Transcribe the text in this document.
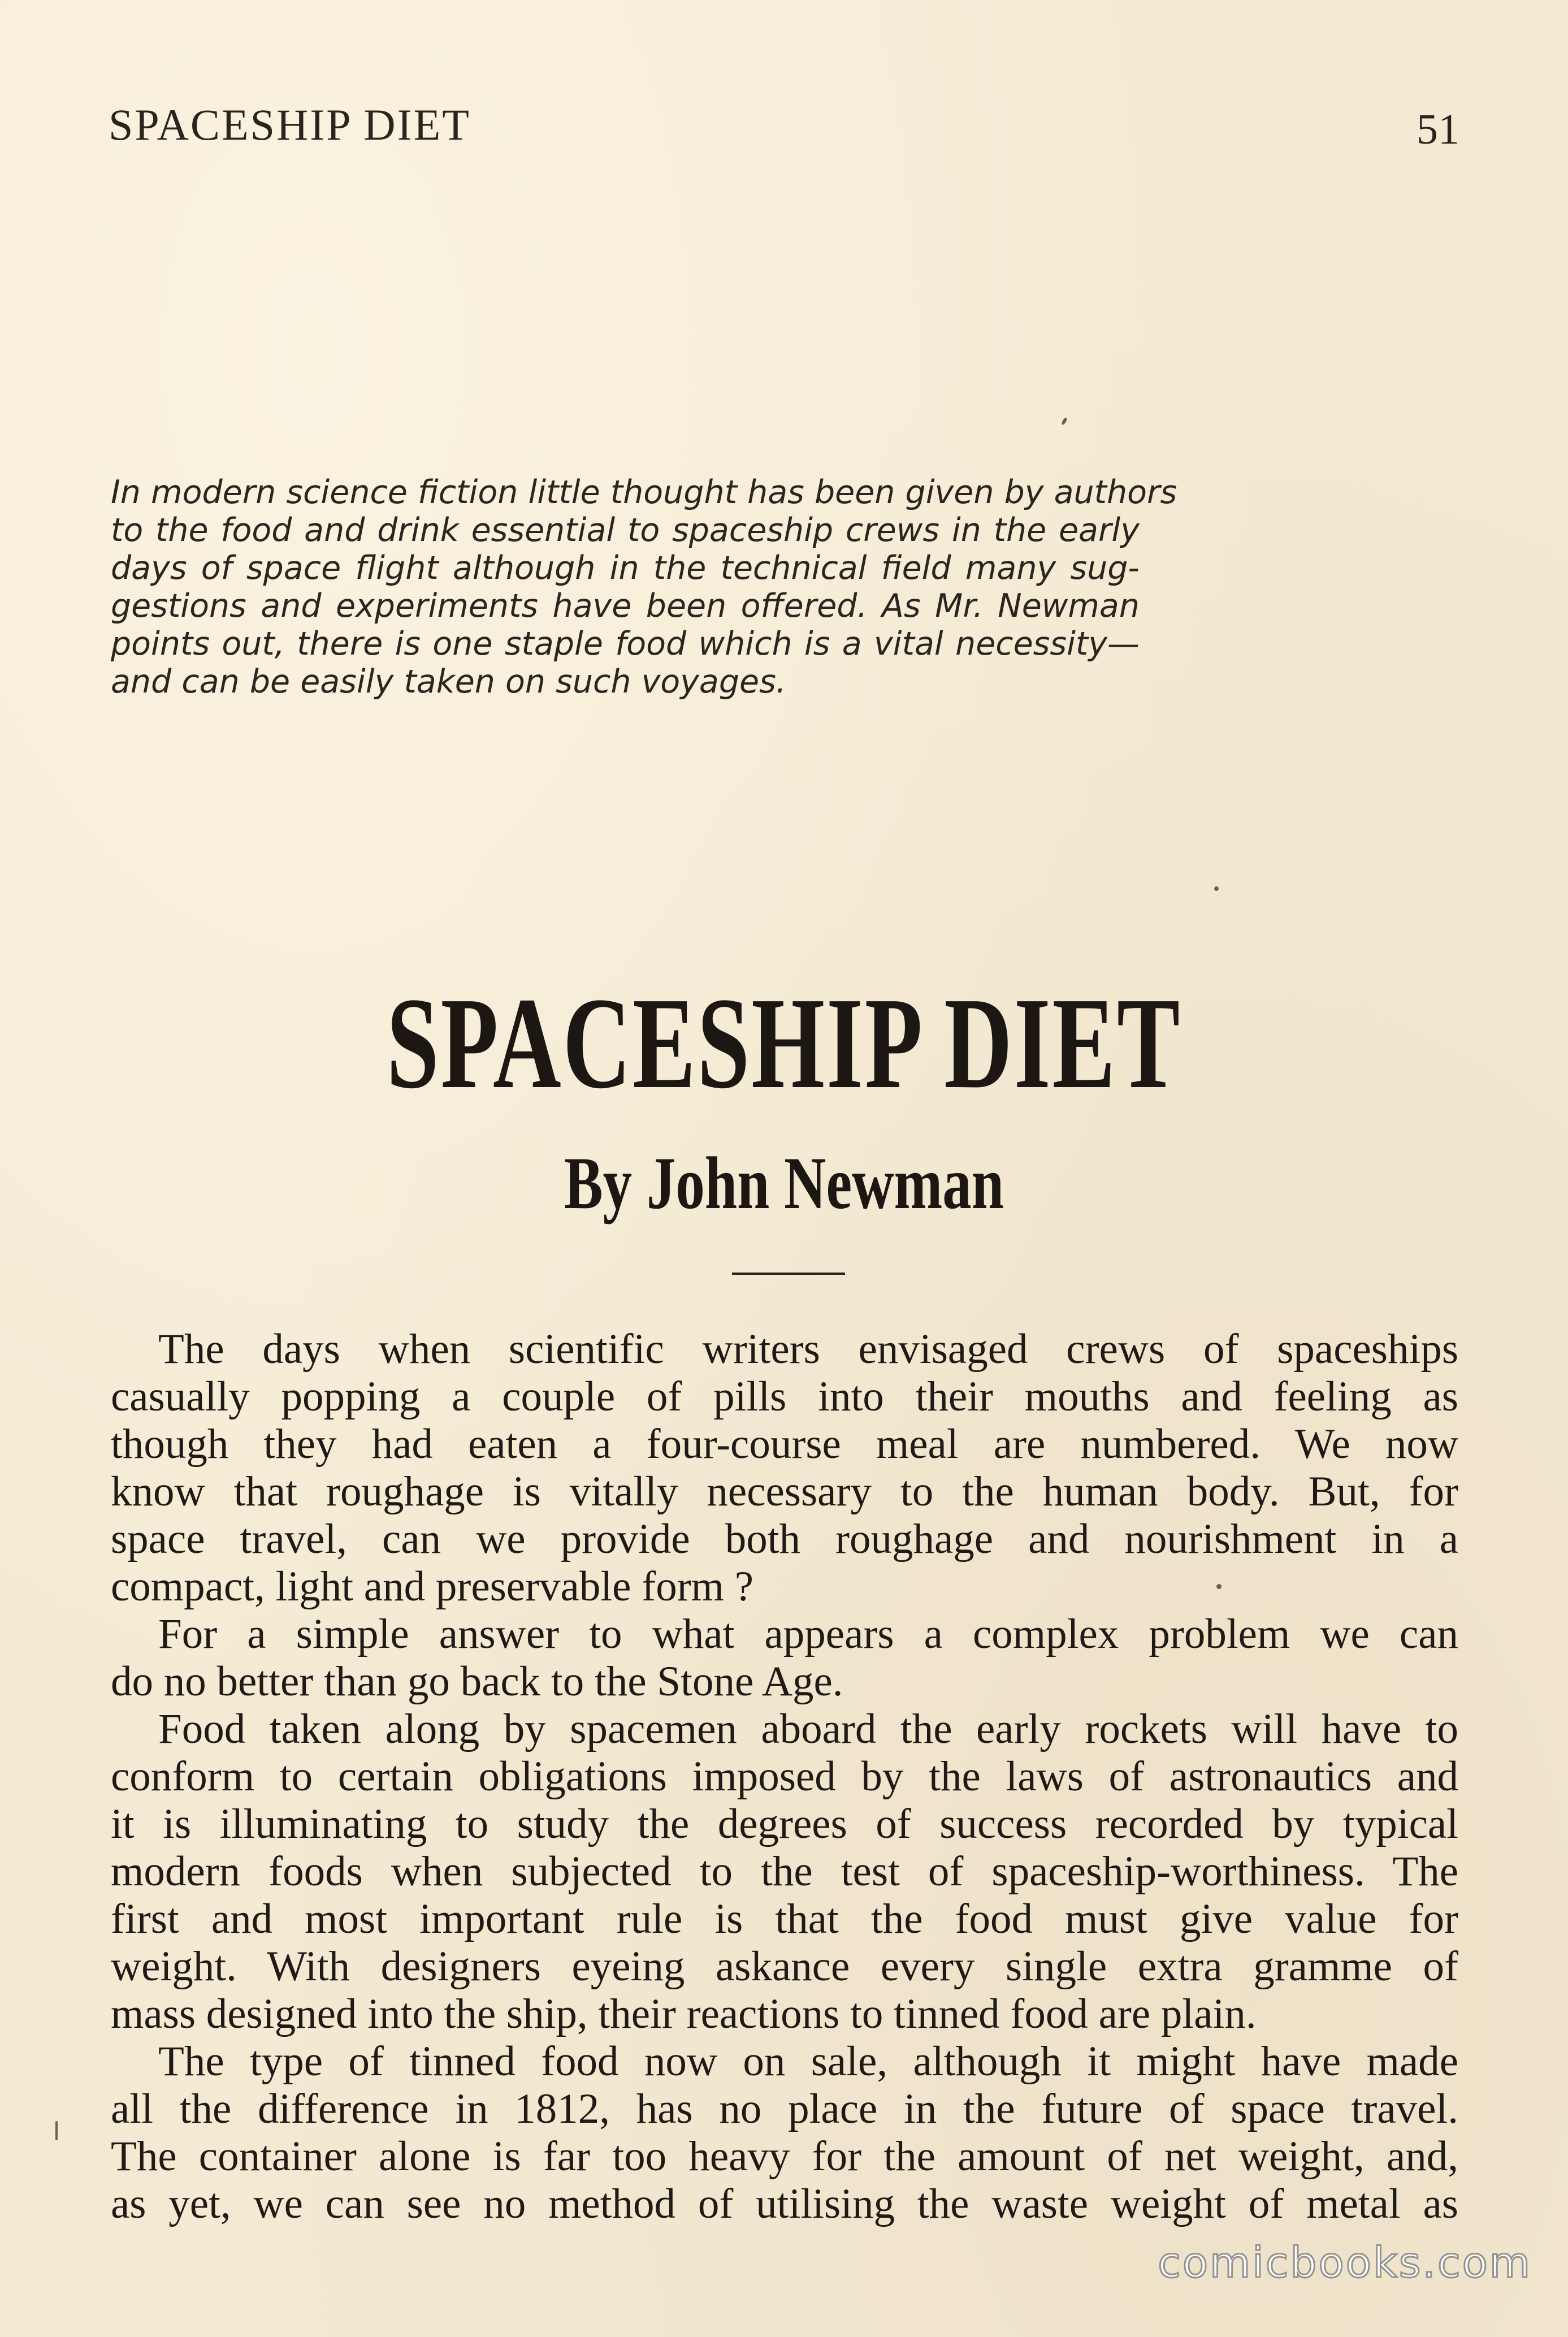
SPACESHIP DIET	51
In modern science fiction little thought has been given by authors
to the food and drink essential to spaceship crews in the early
days of space flight although in the technical field many sug-
gestions and experiments have been offered. As Mr. Newman
points out, there is one staple food which is a vital necessity—
and can be easily taken on such voyages.
SPACESHIP DIET
By John Newman
The days when scientific writers envisaged crews of spaceships
casually popping a couple of pills into their mouths and feeling as
though they had eaten a four-course meal are numbered. We now
know that roughage is vitally necessary to the human body. But, for
space travel, can we provide both roughage and nourishment in a
compact, light and preservable form ?
For a simple answer to what appears a complex problem we can
do no better than go back to the Stone Age.
Food taken along by spacemen aboard the early rockets will have to
conform to certain obligations imposed by the laws of astronautics and
it is illuminating to study the degrees of success recorded by typical
modern foods when subjected to the test of spaceship-worthiness. The
first and most important rule is that the food must give value for
weight. With designers eyeing askance every single extra gramme of
mass designed into the ship, their reactions to tinned food are plain.
The type of tinned food now on sale, although it might have made
all the difference in 1812, has no place in the future of space travel.
The container alone is far too heavy for the amount of net weight, and,
as yet, we can see no method of utilising the waste weight of metal as
comicbooks.com
